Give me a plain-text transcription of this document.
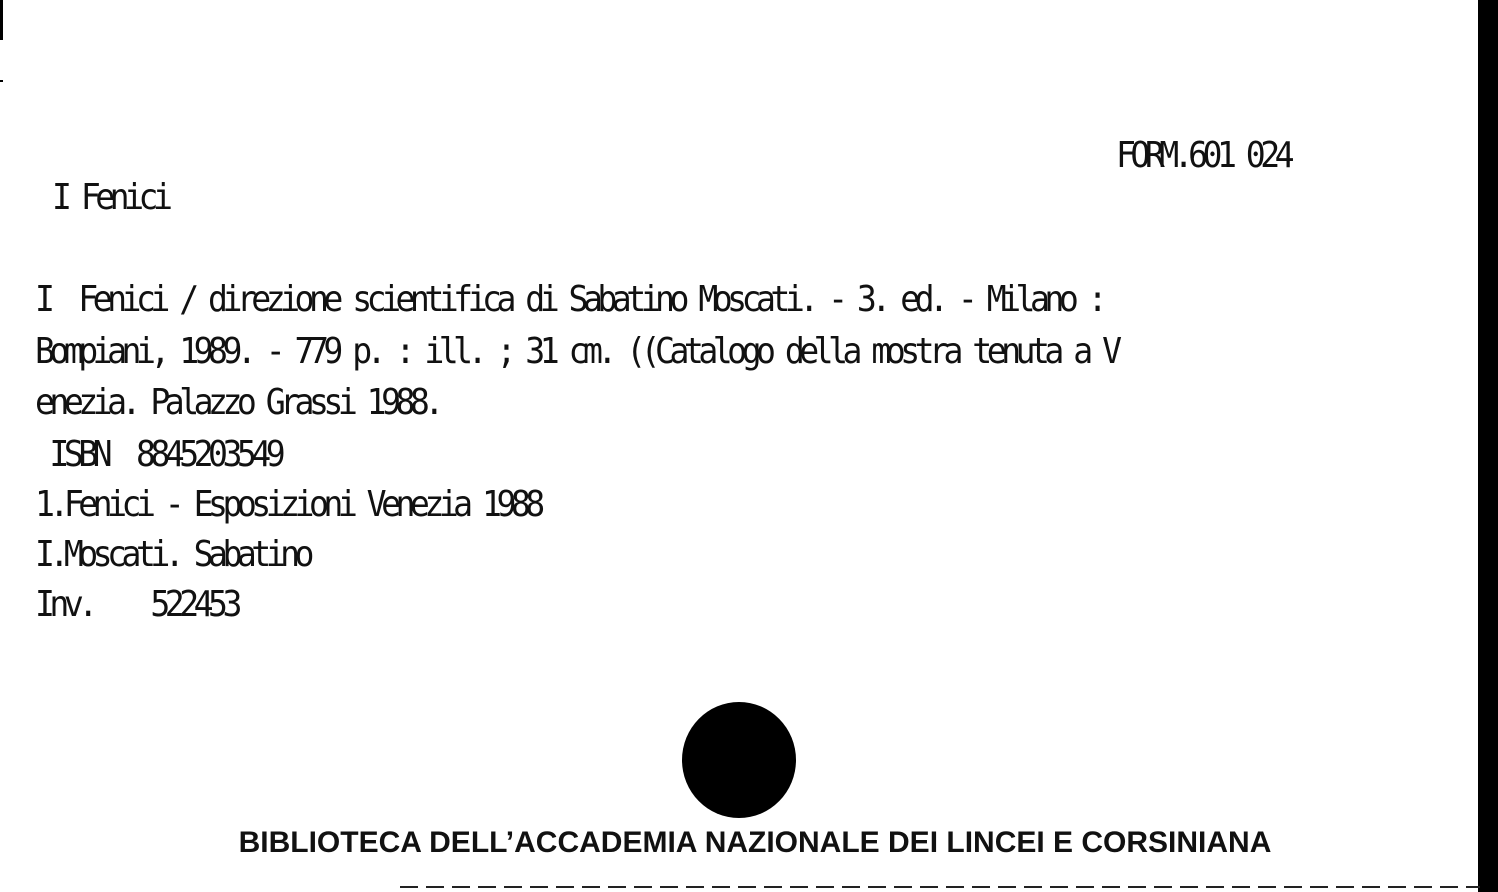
FORM.601 024
I Fenici
I  Fenici / direzione scientifica di Sabatino Moscati. - 3. ed. - Milano :
Bompiani, 1989. - 779 p. : ill. ; 31 cm. ((Catalogo della mostra tenuta a V
enezia. Palazzo Grassi 1988.
ISBN  8845203549
1.Fenici - Esposizioni Venezia 1988
I.Moscati. Sabatino
Inv.    522453
BIBLIOTECA DELL’ACCADEMIA NAZIONALE DEI LINCEI E CORSINIANA
